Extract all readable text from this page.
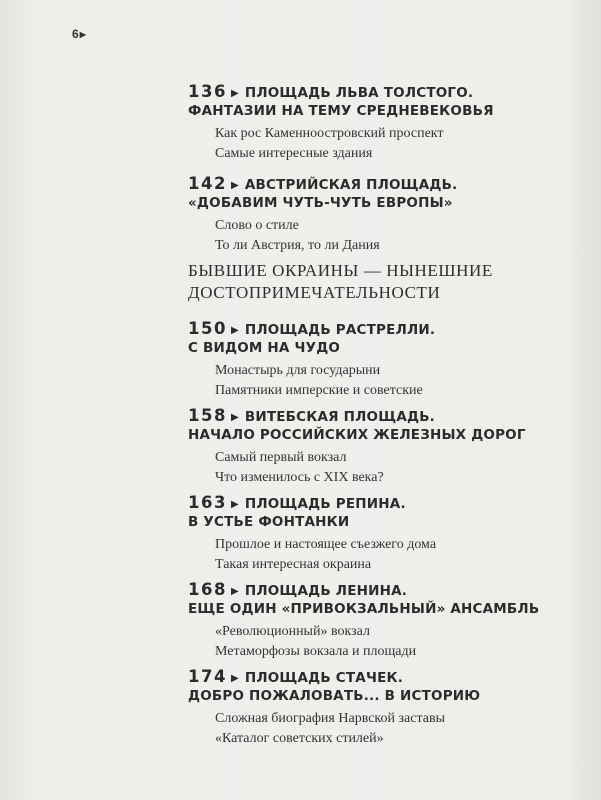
6▶
136 ▶ ПЛОЩАДЬ ЛЬВА ТОЛСТОГО.
ФАНТАЗИИ НА ТЕМУ СРЕДНЕВЕКОВЬЯ
Как рос Каменноостровский проспект
Самые интересные здания
142 ▶ АВСТРИЙСКАЯ ПЛОЩАДЬ.
«ДОБАВИМ ЧУТЬ-ЧУТЬ ЕВРОПЫ»
Слово о стиле
То ли Австрия, то ли Дания
БЫВШИЕ ОКРАИНЫ — НЫНЕШНИЕ
ДОСТОПРИМЕЧАТЕЛЬНОСТИ
150 ▶ ПЛОЩАДЬ РАСТРЕЛЛИ.
С ВИДОМ НА ЧУДО
Монастырь для государыни
Памятники имперские и советские
158 ▶ ВИТЕБСКАЯ ПЛОЩАДЬ.
НАЧАЛО РОССИЙСКИХ ЖЕЛЕЗНЫХ ДОРОГ
Самый первый вокзал
Что изменилось с XIX века?
163 ▶ ПЛОЩАДЬ РЕПИНА.
В УСТЬЕ ФОНТАНКИ
Прошлое и настоящее съезжего дома
Такая интересная окраина
168 ▶ ПЛОЩАДЬ ЛЕНИНА.
ЕЩЕ ОДИН «ПРИВОКЗАЛЬНЫЙ» АНСАМБЛЬ
«Революционный» вокзал
Метаморфозы вокзала и площади
174 ▶ ПЛОЩАДЬ СТАЧЕК.
ДОБРО ПОЖАЛОВАТЬ... В ИСТОРИЮ
Сложная биография Нарвской заставы
«Каталог советских стилей»
